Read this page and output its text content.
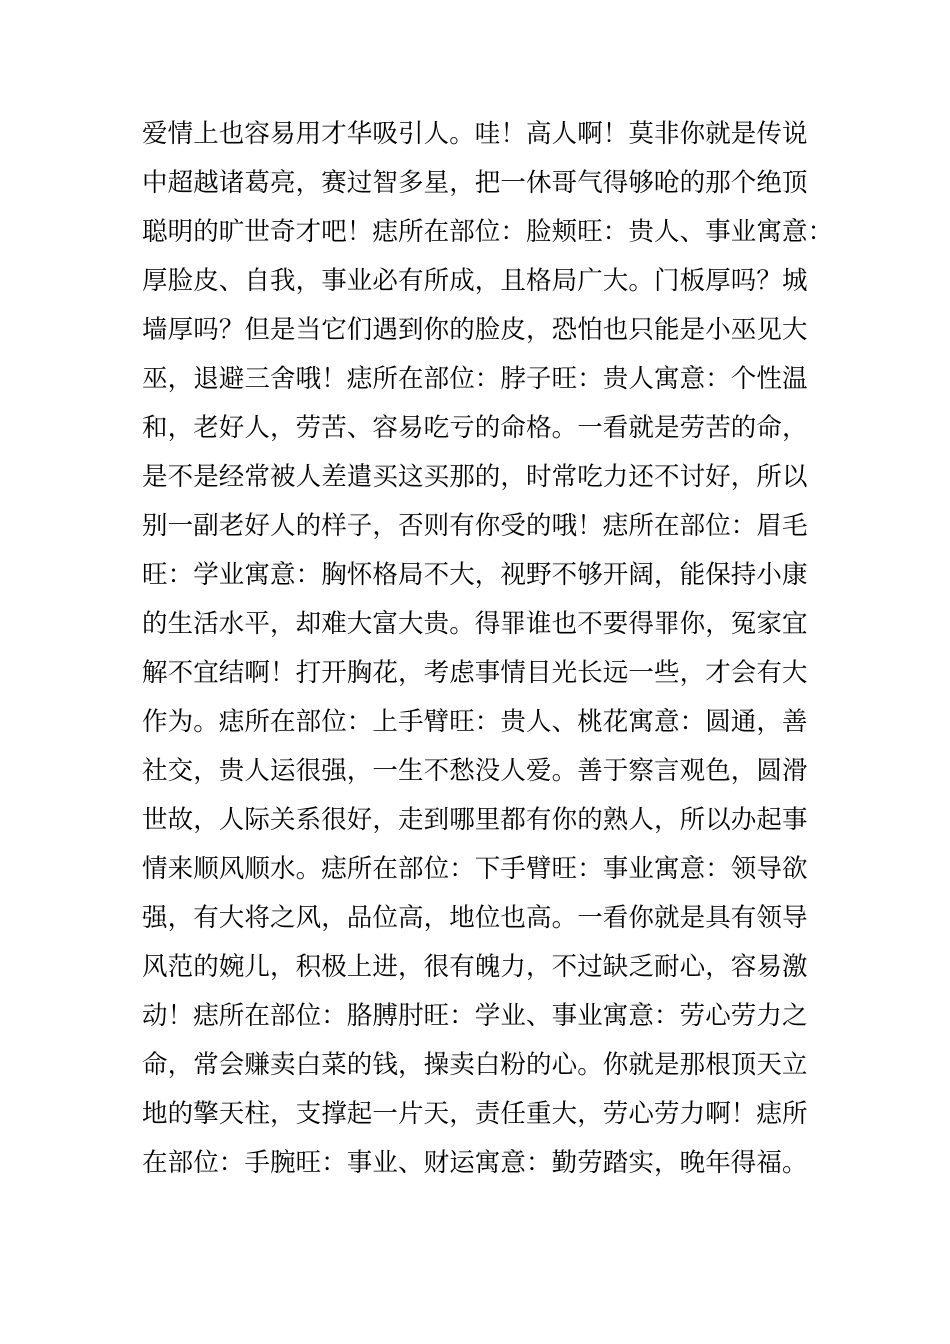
爱情上也容易用才华吸引人。哇！高人啊！莫非你就是传说
中超越诸葛亮，赛过智多星，把一休哥气得够呛的那个绝顶
聪明的旷世奇才吧！痣所在部位：脸颊旺：贵人、事业寓意：
厚脸皮、自我，事业必有所成，且格局广大。门板厚吗？城
墙厚吗？但是当它们遇到你的脸皮，恐怕也只能是小巫见大
巫，退避三舍哦！痣所在部位：脖子旺：贵人寓意：个性温
和，老好人，劳苦、容易吃亏的命格。一看就是劳苦的命，
是不是经常被人差遣买这买那的，时常吃力还不讨好，所以
别一副老好人的样子，否则有你受的哦！痣所在部位：眉毛
旺：学业寓意：胸怀格局不大，视野不够开阔，能保持小康
的生活水平，却难大富大贵。得罪谁也不要得罪你，冤家宜
解不宜结啊！打开胸花，考虑事情目光长远一些，才会有大
作为。痣所在部位：上手臂旺：贵人、桃花寓意：圆通，善
社交，贵人运很强，一生不愁没人爱。善于察言观色，圆滑
世故，人际关系很好，走到哪里都有你的熟人，所以办起事
情来顺风顺水。痣所在部位：下手臂旺：事业寓意：领导欲
强，有大将之风，品位高，地位也高。一看你就是具有领导
风范的婉儿，积极上进，很有魄力，不过缺乏耐心，容易激
动！痣所在部位：胳膊肘旺：学业、事业寓意：劳心劳力之
命，常会赚卖白菜的钱，操卖白粉的心。你就是那根顶天立
地的擎天柱，支撑起一片天，责任重大，劳心劳力啊！痣所
在部位：手腕旺：事业、财运寓意：勤劳踏实，晚年得福。
